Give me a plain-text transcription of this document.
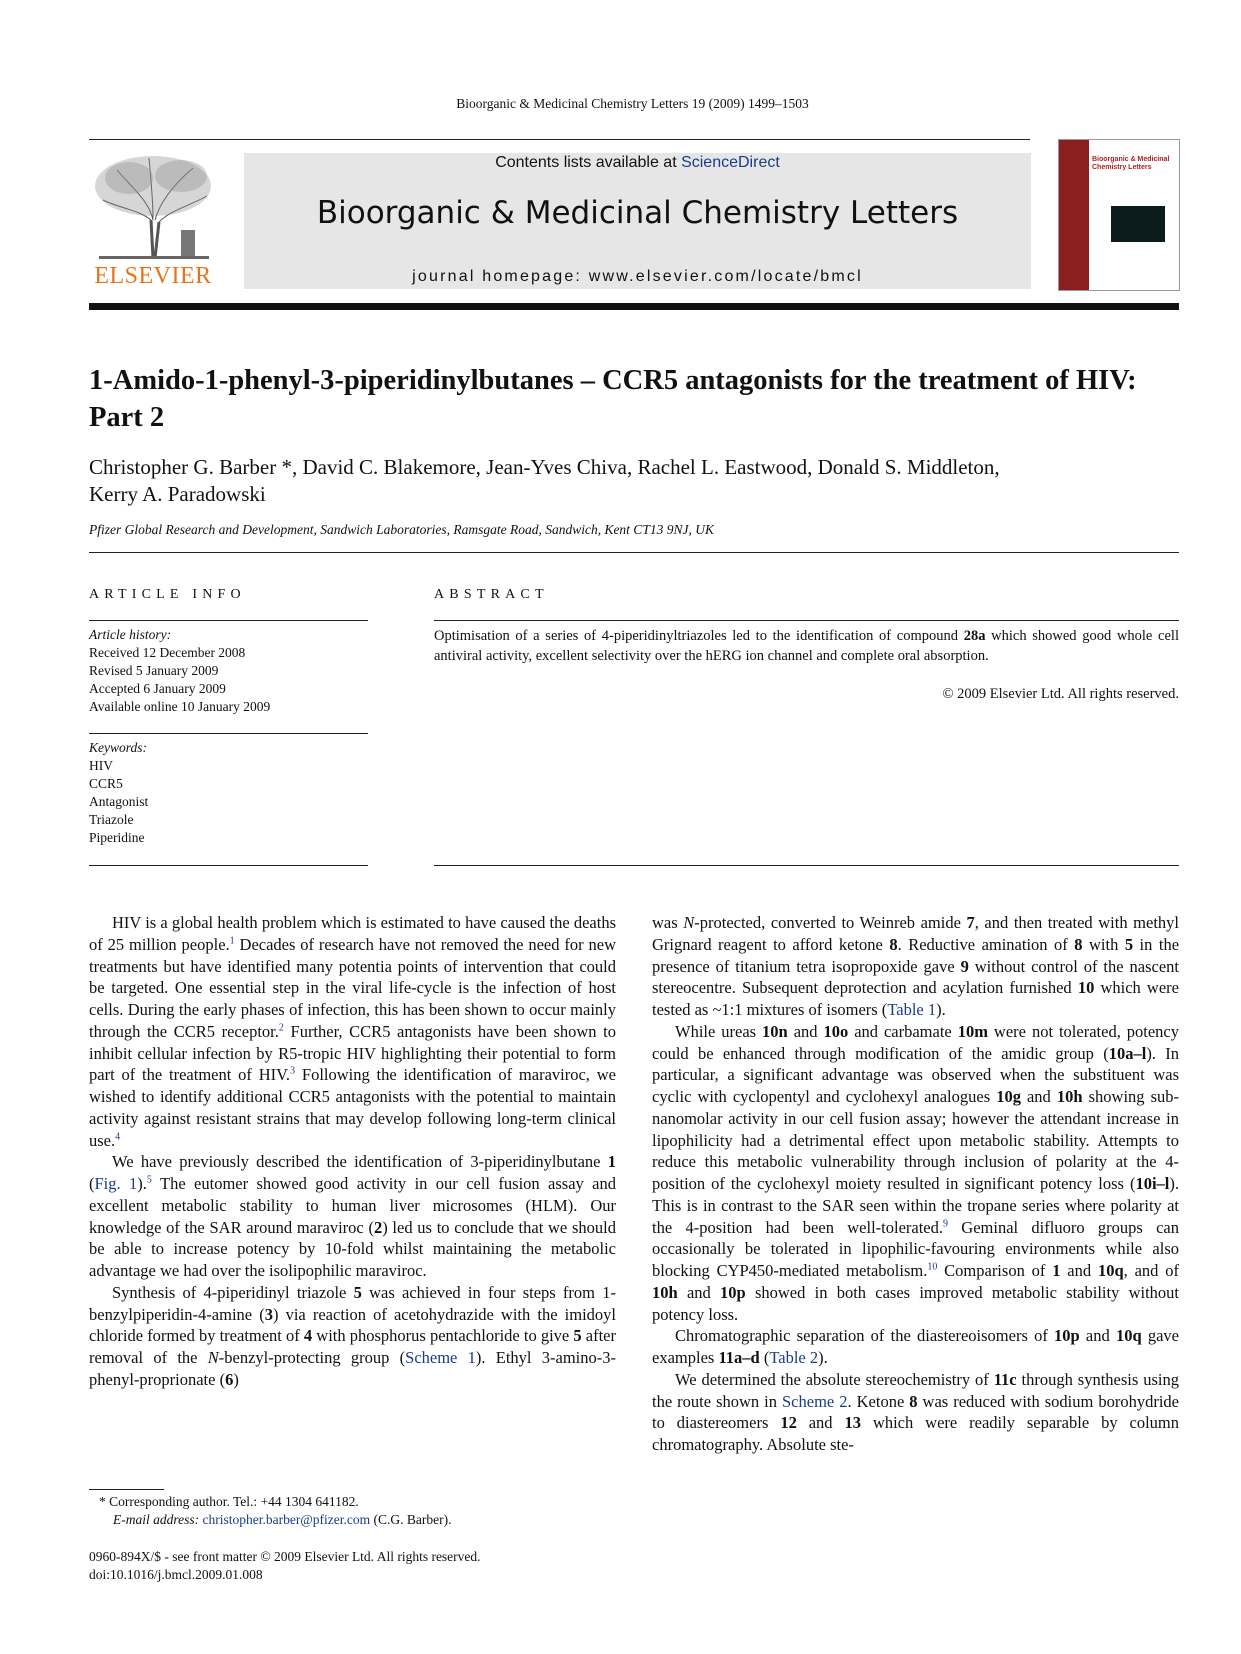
Bioorganic & Medicinal Chemistry Letters 19 (2009) 1499–1503
ELSEVIER
Contents lists available at ScienceDirect
Bioorganic & Medicinal Chemistry Letters
journal homepage: www.elsevier.com/locate/bmcl
Bioorganic & Medicinal Chemistry Letters
1-Amido-1-phenyl-3-piperidinylbutanes – CCR5 antagonists for the treatment of HIV: Part 2
Christopher G. Barber *, David C. Blakemore, Jean-Yves Chiva, Rachel L. Eastwood, Donald S. Middleton,
Kerry A. Paradowski
Pfizer Global Research and Development, Sandwich Laboratories, Ramsgate Road, Sandwich, Kent CT13 9NJ, UK
ARTICLE INFO	ABSTRACT
Article history:
Received 12 December 2008
Revised 5 January 2009
Accepted 6 January 2009
Available online 10 January 2009
Keywords:
HIV
CCR5
Antagonist
Triazole
Piperidine
Optimisation of a series of 4-piperidinyltriazoles led to the identification of compound 28a which showed good whole cell antiviral activity, excellent selectivity over the hERG ion channel and complete oral absorption.
© 2009 Elsevier Ltd. All rights reserved.

HIV is a global health problem which is estimated to have caused the deaths of 25 million people.$^1$ Decades of research have not removed the need for new treatments but have identified many potentia points of intervention that could be targeted. One essential step in the viral life-cycle is the infection of host cells. During the early phases of infection, this has been shown to occur mainly through the CCR5 receptor.$^2$ Further, CCR5 antagonists have been shown to inhibit cellular infection by R5-tropic HIV highlighting their potential to form part of the treatment of HIV.$^3$ Following the identification of maraviroc, we wished to identify additional CCR5 antagonists with the potential to maintain activity against resistant strains that may develop following long-term clinical use.$^4$

We have previously described the identification of 3-piperidinylbutane 1 (Fig. 1).$^5$ The eutomer showed good activity in our cell fusion assay and excellent metabolic stability to human liver microsomes (HLM). Our knowledge of the SAR around maraviroc (2) led us to conclude that we should be able to increase potency by 10-fold whilst maintaining the metabolic advantage we had over the isolipophilic maraviroc.

Synthesis of 4-piperidinyl triazole 5 was achieved in four steps from 1-benzylpiperidin-4-amine (3) via reaction of acetohydrazide with the imidoyl chloride formed by treatment of 4 with phosphorus pentachloride to give 5 after removal of the N-benzyl-protecting group (Scheme 1). Ethyl 3-amino-3-phenyl-proprionate (6)

was N-protected, converted to Weinreb amide 7, and then treated with methyl Grignard reagent to afford ketone 8. Reductive amination of 8 with 5 in the presence of titanium tetra isopropoxide gave 9 without control of the nascent stereocentre. Subsequent deprotection and acylation furnished 10 which were tested as ~1:1 mixtures of isomers (Table 1).

While ureas 10n and 10o and carbamate 10m were not tolerated, potency could be enhanced through modification of the amidic group (10a–l). In particular, a significant advantage was observed when the substituent was cyclic with cyclopentyl and cyclohexyl analogues 10g and 10h showing sub-nanomolar activity in our cell fusion assay; however the attendant increase in lipophilicity had a detrimental effect upon metabolic stability. Attempts to reduce this metabolic vulnerability through inclusion of polarity at the 4-position of the cyclohexyl moiety resulted in significant potency loss (10i–l). This is in contrast to the SAR seen within the tropane series where polarity at the 4-position had been well-tolerated.$^9$ Geminal difluoro groups can occasionally be tolerated in lipophilic-favouring environments while also blocking CYP450-mediated metabolism.$^{10}$ Comparison of 1 and 10q, and of 10h and 10p showed in both cases improved metabolic stability without potency loss.

Chromatographic separation of the diastereoisomers of 10p and 10q gave examples 11a–d (Table 2).

We determined the absolute stereochemistry of 11c through synthesis using the route shown in Scheme 2. Ketone 8 was reduced with sodium borohydride to diastereomers 12 and 13 which were readily separable by column chromatography. Absolute ste-

* Corresponding author. Tel.: +44 1304 641182.
E-mail address: christopher.barber@pfizer.com (C.G. Barber).
0960-894X/$ - see front matter © 2009 Elsevier Ltd. All rights reserved.
doi:10.1016/j.bmcl.2009.01.008
